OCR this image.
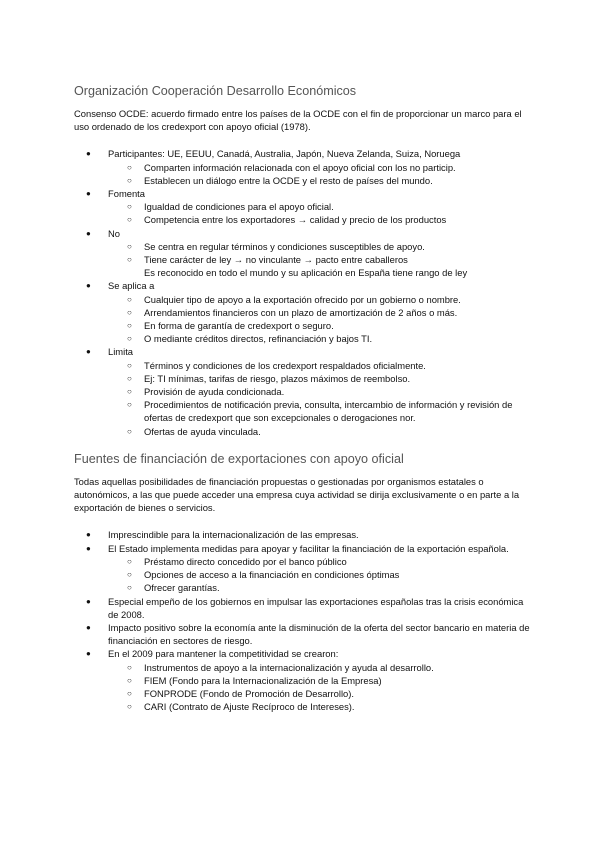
Organización Cooperación Desarrollo Económicos

Consenso OCDE: acuerdo firmado entre los países de la OCDE con el fin de proporcionar un marco para el uso ordenado de los credexport con apoyo oficial (1978).

● Participantes: UE, EEUU, Canadá, Australia, Japón, Nueva Zelanda, Suiza, Noruega
○ Comparten información relacionada con el apoyo oficial con los no particip.
○ Establecen un diálogo entre la OCDE y el resto de países del mundo.
● Fomenta
○ Igualdad de condiciones para el apoyo oficial.
○ Competencia entre los exportadores → calidad y precio de los productos
● No
○ Se centra en regular términos y condiciones susceptibles de apoyo.
○ Tiene carácter de ley → no vinculante → pacto entre caballeros
Es reconocido en todo el mundo y su aplicación en España tiene rango de ley
● Se aplica a
○ Cualquier tipo de apoyo a la exportación ofrecido por un gobierno o nombre.
○ Arrendamientos financieros con un plazo de amortización de 2 años o más.
○ En forma de garantía de credexport o seguro.
○ O mediante créditos directos, refinanciación y bajos TI.
● Limita
○ Términos y condiciones de los credexport respaldados oficialmente.
○ Ej: TI mínimas, tarifas de riesgo, plazos máximos de reembolso.
○ Provisión de ayuda condicionada.
○ Procedimientos de notificación previa, consulta, intercambio de información y revisión de ofertas de credexport que son excepcionales o derogaciones nor.
○ Ofertas de ayuda vinculada.
Fuentes de financiación de exportaciones con apoyo oficial

Todas aquellas posibilidades de financiación propuestas o gestionadas por organismos estatales o autonómicos, a las que puede acceder una empresa cuya actividad se dirija exclusivamente o en parte a la exportación de bienes o servicios.

● Imprescindible para la internacionalización de las empresas.
● El Estado implementa medidas para apoyar y facilitar la financiación de la exportación española.
○ Préstamo directo concedido por el banco público
○ Opciones de acceso a la financiación en condiciones óptimas
○ Ofrecer garantías.
● Especial empeño de los gobiernos en impulsar las exportaciones españolas tras la crisis económica de 2008.
● Impacto positivo sobre la economía ante la disminución de la oferta del sector bancario en materia de financiación en sectores de riesgo.
● En el 2009 para mantener la competitividad se crearon:
○ Instrumentos de apoyo a la internacionalización y ayuda al desarrollo.
○ FIEM (Fondo para la Internacionalización de la Empresa)
○ FONPRODE (Fondo de Promoción de Desarrollo).
○ CARI (Contrato de Ajuste Recíproco de Intereses).
